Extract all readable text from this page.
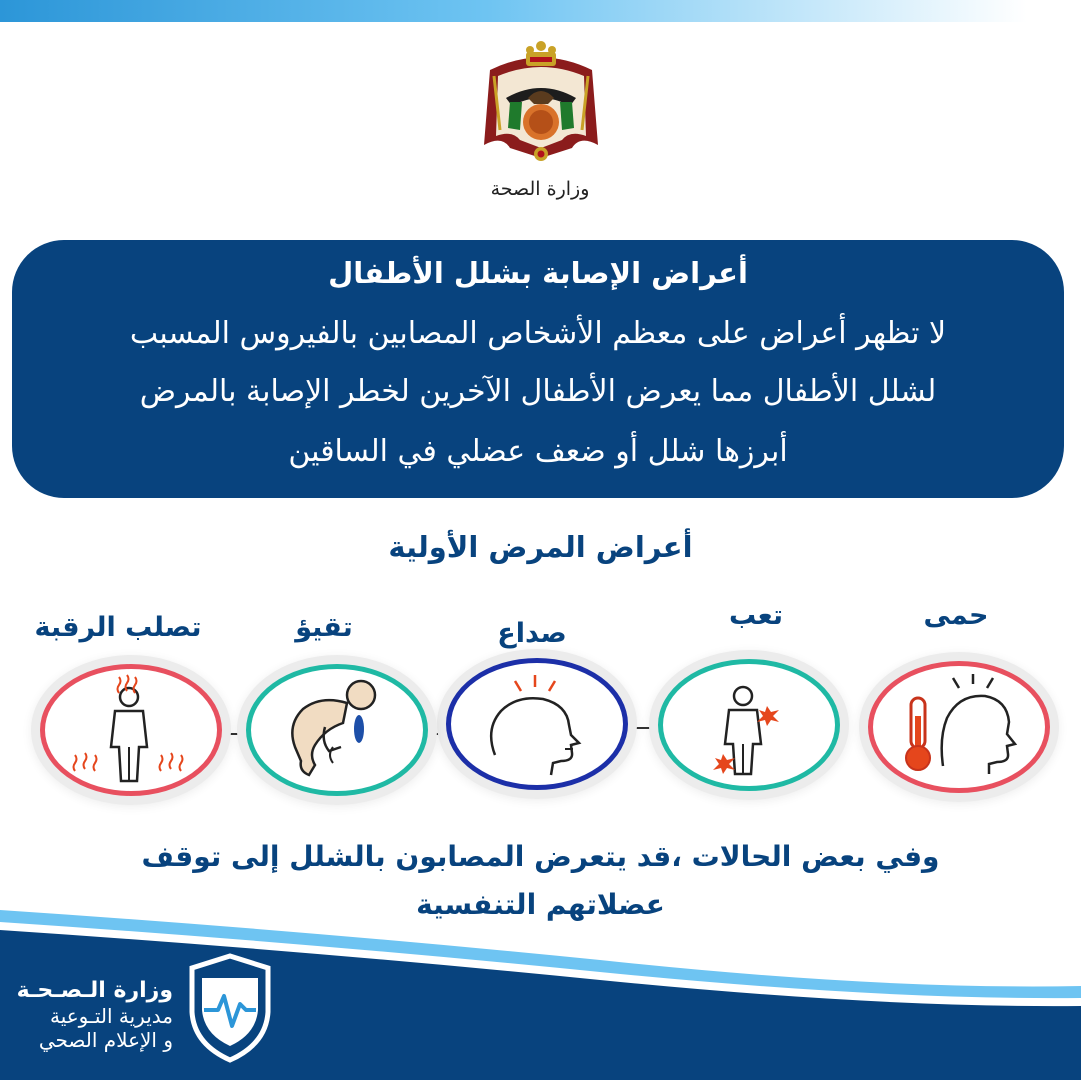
وزارة الصحة
أعراض الإصابة بشلل الأطفال
لا تظهر أعراض على معظم الأشخاص المصابين بالفيروس المسبب
لشلل الأطفال مما يعرض الأطفال الآخرين لخطر الإصابة بالمرض
أبرزها شلل أو ضعف عضلي في الساقين
أعراض المرض الأولية
حمى
تعب
صداع
تقيؤ
تصلب الرقبة
وفي بعض الحالات ،قد يتعرض المصابون بالشلل إلى توقف
عضلاتهم التنفسية
وزارة الـصـحـة
مديرية التـوعية
و الإعلام الصحي
